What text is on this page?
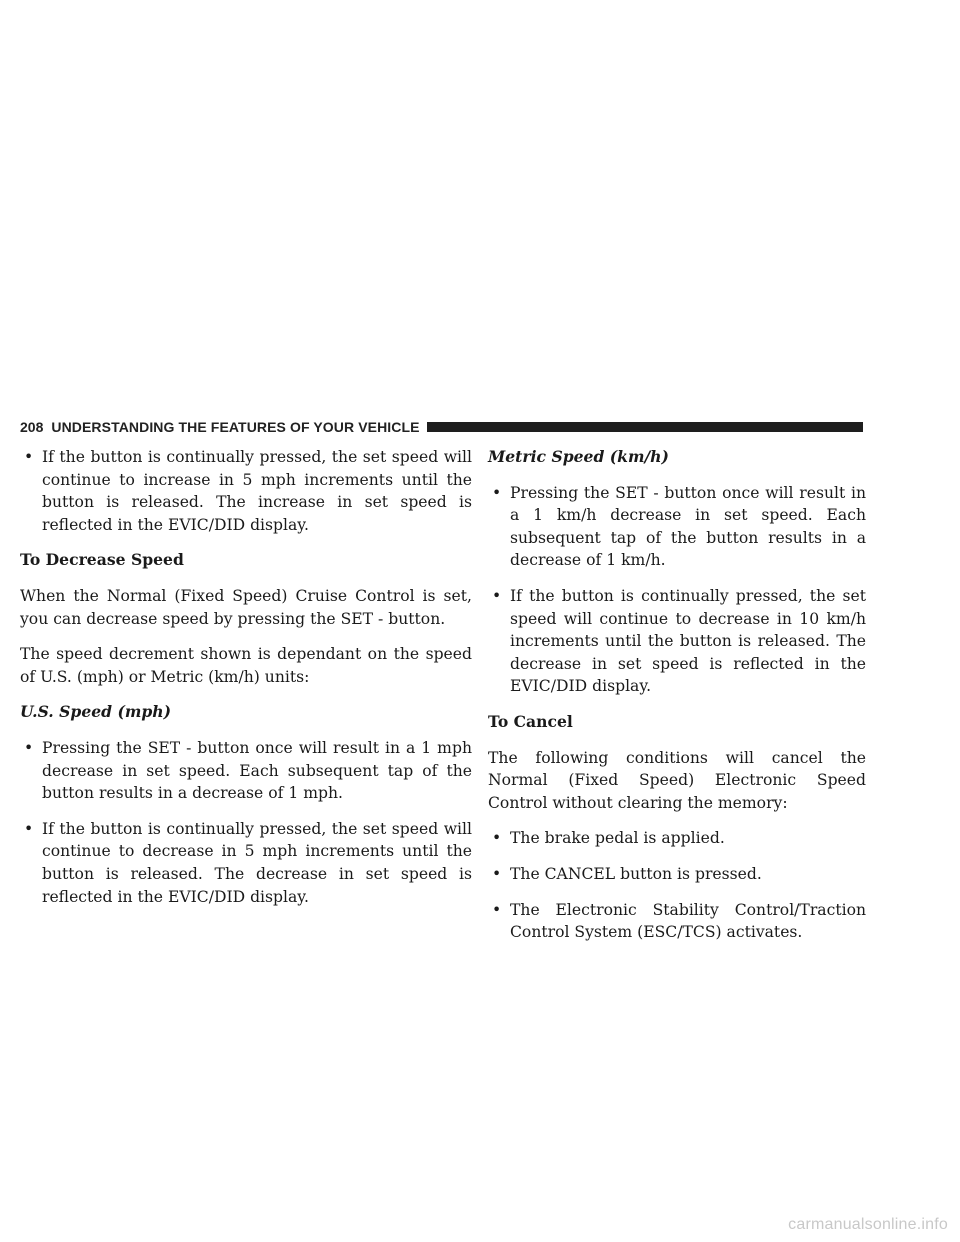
208 UNDERSTANDING THE FEATURES OF YOUR VEHICLE
• If the button is continually pressed, the set speed will continue to increase in 5 mph increments until the button is released. The increase in set speed is reflected in the EVIC/DID display.
To Decrease Speed
When the Normal (Fixed Speed) Cruise Control is set, you can decrease speed by pressing the SET - button.
The speed decrement shown is dependant on the speed of U.S. (mph) or Metric (km/h) units:
U.S. Speed (mph)
• Pressing the SET - button once will result in a 1 mph decrease in set speed. Each subsequent tap of the button results in a decrease of 1 mph.
• If the button is continually pressed, the set speed will continue to decrease in 5 mph increments until the button is released. The decrease in set speed is reflected in the EVIC/DID display.
Metric Speed (km/h)
• Pressing the SET - button once will result in a 1 km/h decrease in set speed. Each subsequent tap of the button results in a decrease of 1 km/h.
• If the button is continually pressed, the set speed will continue to decrease in 10 km/h increments until the button is released. The decrease in set speed is reflected in the EVIC/DID display.
To Cancel
The following conditions will cancel the Normal (Fixed Speed) Electronic Speed Control without clearing the memory:
• The brake pedal is applied.
• The CANCEL button is pressed.
• The Electronic Stability Control/Traction Control System (ESC/TCS) activates.
carmanualsonline.info
